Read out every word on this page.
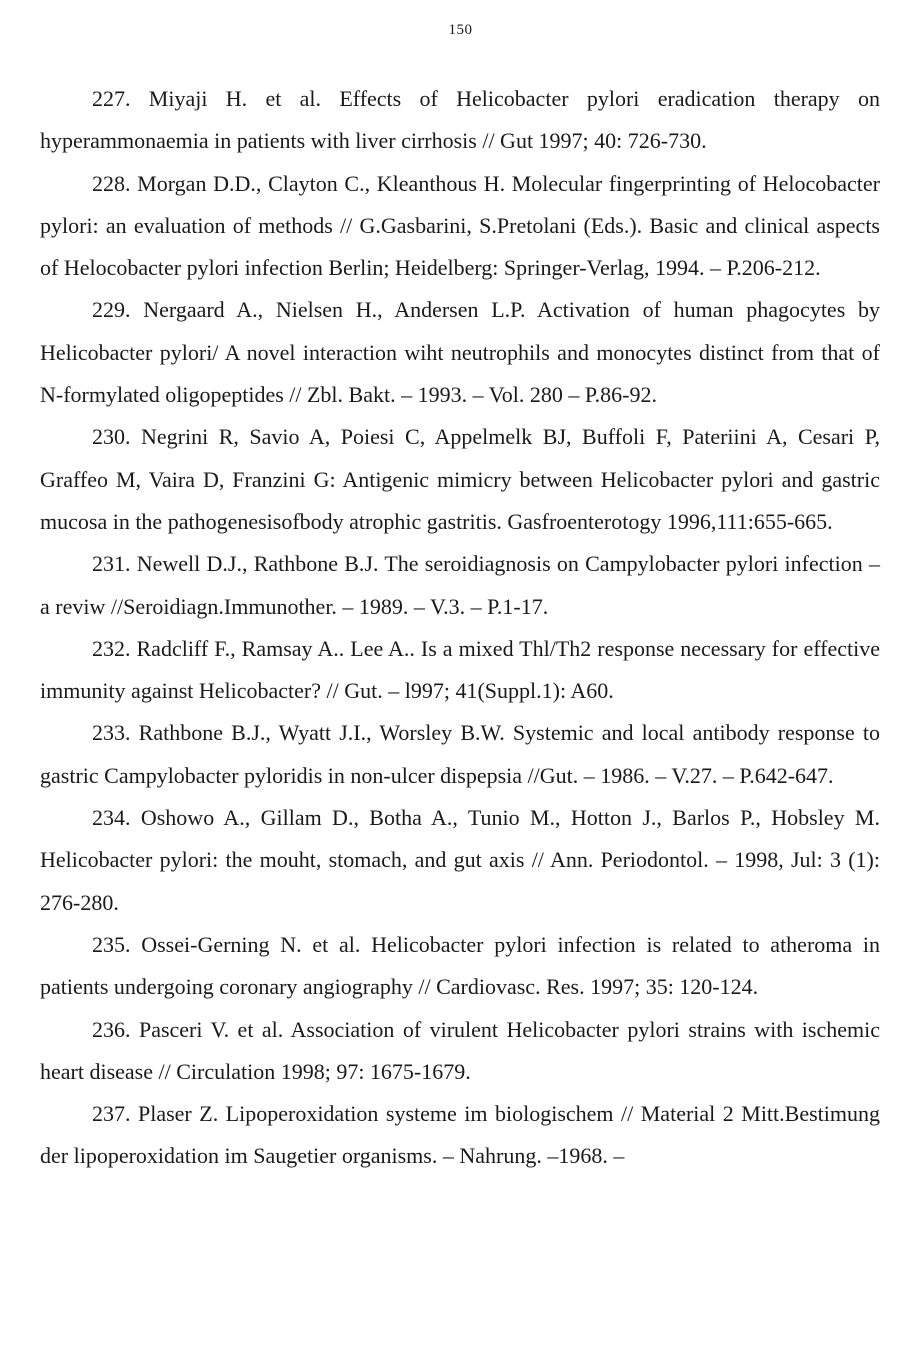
150

227. Miyaji H. et al. Effects of Helicobacter pylori eradication therapy on hyperammonaemia in patients with liver cirrhosis // Gut 1997; 40: 726-730.

228. Morgan D.D., Clayton C., Kleanthous H. Molecular fingerprinting of Helocobacter pylori: an evaluation of methods // G.Gasbarini, S.Pretolani (Eds.). Basic and clinical aspects of Helocobacter pylori infection Berlin; Heidelberg: Springer-Verlag, 1994. – P.206-212.

229. Nergaard A., Nielsen H., Andersen L.P. Activation of human phagocytes by Helicobacter pylori/ A novel interaction wiht neutrophils and monocytes distinct from that of N-formylated oligopeptides // Zbl. Bakt. – 1993. – Vol. 280 – P.86-92.

230. Negrini R, Savio A, Poiesi C, Appelmelk BJ, Buffoli F, Pateriini A, Cesari P, Graffeo M, Vaira D, Franzini G: Antigenic mimicry between Helicobacter pylori and gastric mucosa in the pathogenesisofbody atrophic gastritis. Gasfroenterotogy 1996,111:655-665.

231. Newell D.J., Rathbone B.J. The seroidiagnosis on Campylobacter pylori infection – a reviw //Seroidiagn.Immunother. – 1989. – V.3. – P.1-17.

232. Radcliff F., Ramsay A.. Lee A.. Is a mixed Thl/Th2 response necessary for effective immunity against Helicobacter? // Gut. – l997; 41(Suppl.1): A60.

233. Rathbone B.J., Wyatt J.I., Worsley B.W. Systemic and local antibody response to gastric Campylobacter pyloridis in non-ulcer dispepsia //Gut. – 1986. – V.27. – P.642-647.

234. Oshowo A., Gillam D., Botha A., Tunio M., Hotton J., Barlos P., Hobsley M. Helicobacter pylori: the mouht, stomach, and gut axis // Ann. Periodontol. – 1998, Jul: 3 (1): 276-280.

235. Ossei-Gerning N. et al. Helicobacter pylori infection is related to atheroma in patients undergoing coronary angiography // Cardiovasc. Res. 1997; 35: 120-124.

236. Pasceri V. et al. Association of virulent Helicobacter pylori strains with ischemic heart disease // Circulation 1998; 97: 1675-1679.

237. Plaser Z. Lipoperoxidation systeme im biologischem // Material 2 Mitt.Bestimung der lipoperoxidation im Saugetier organisms. – Nahrung. –1968. –
